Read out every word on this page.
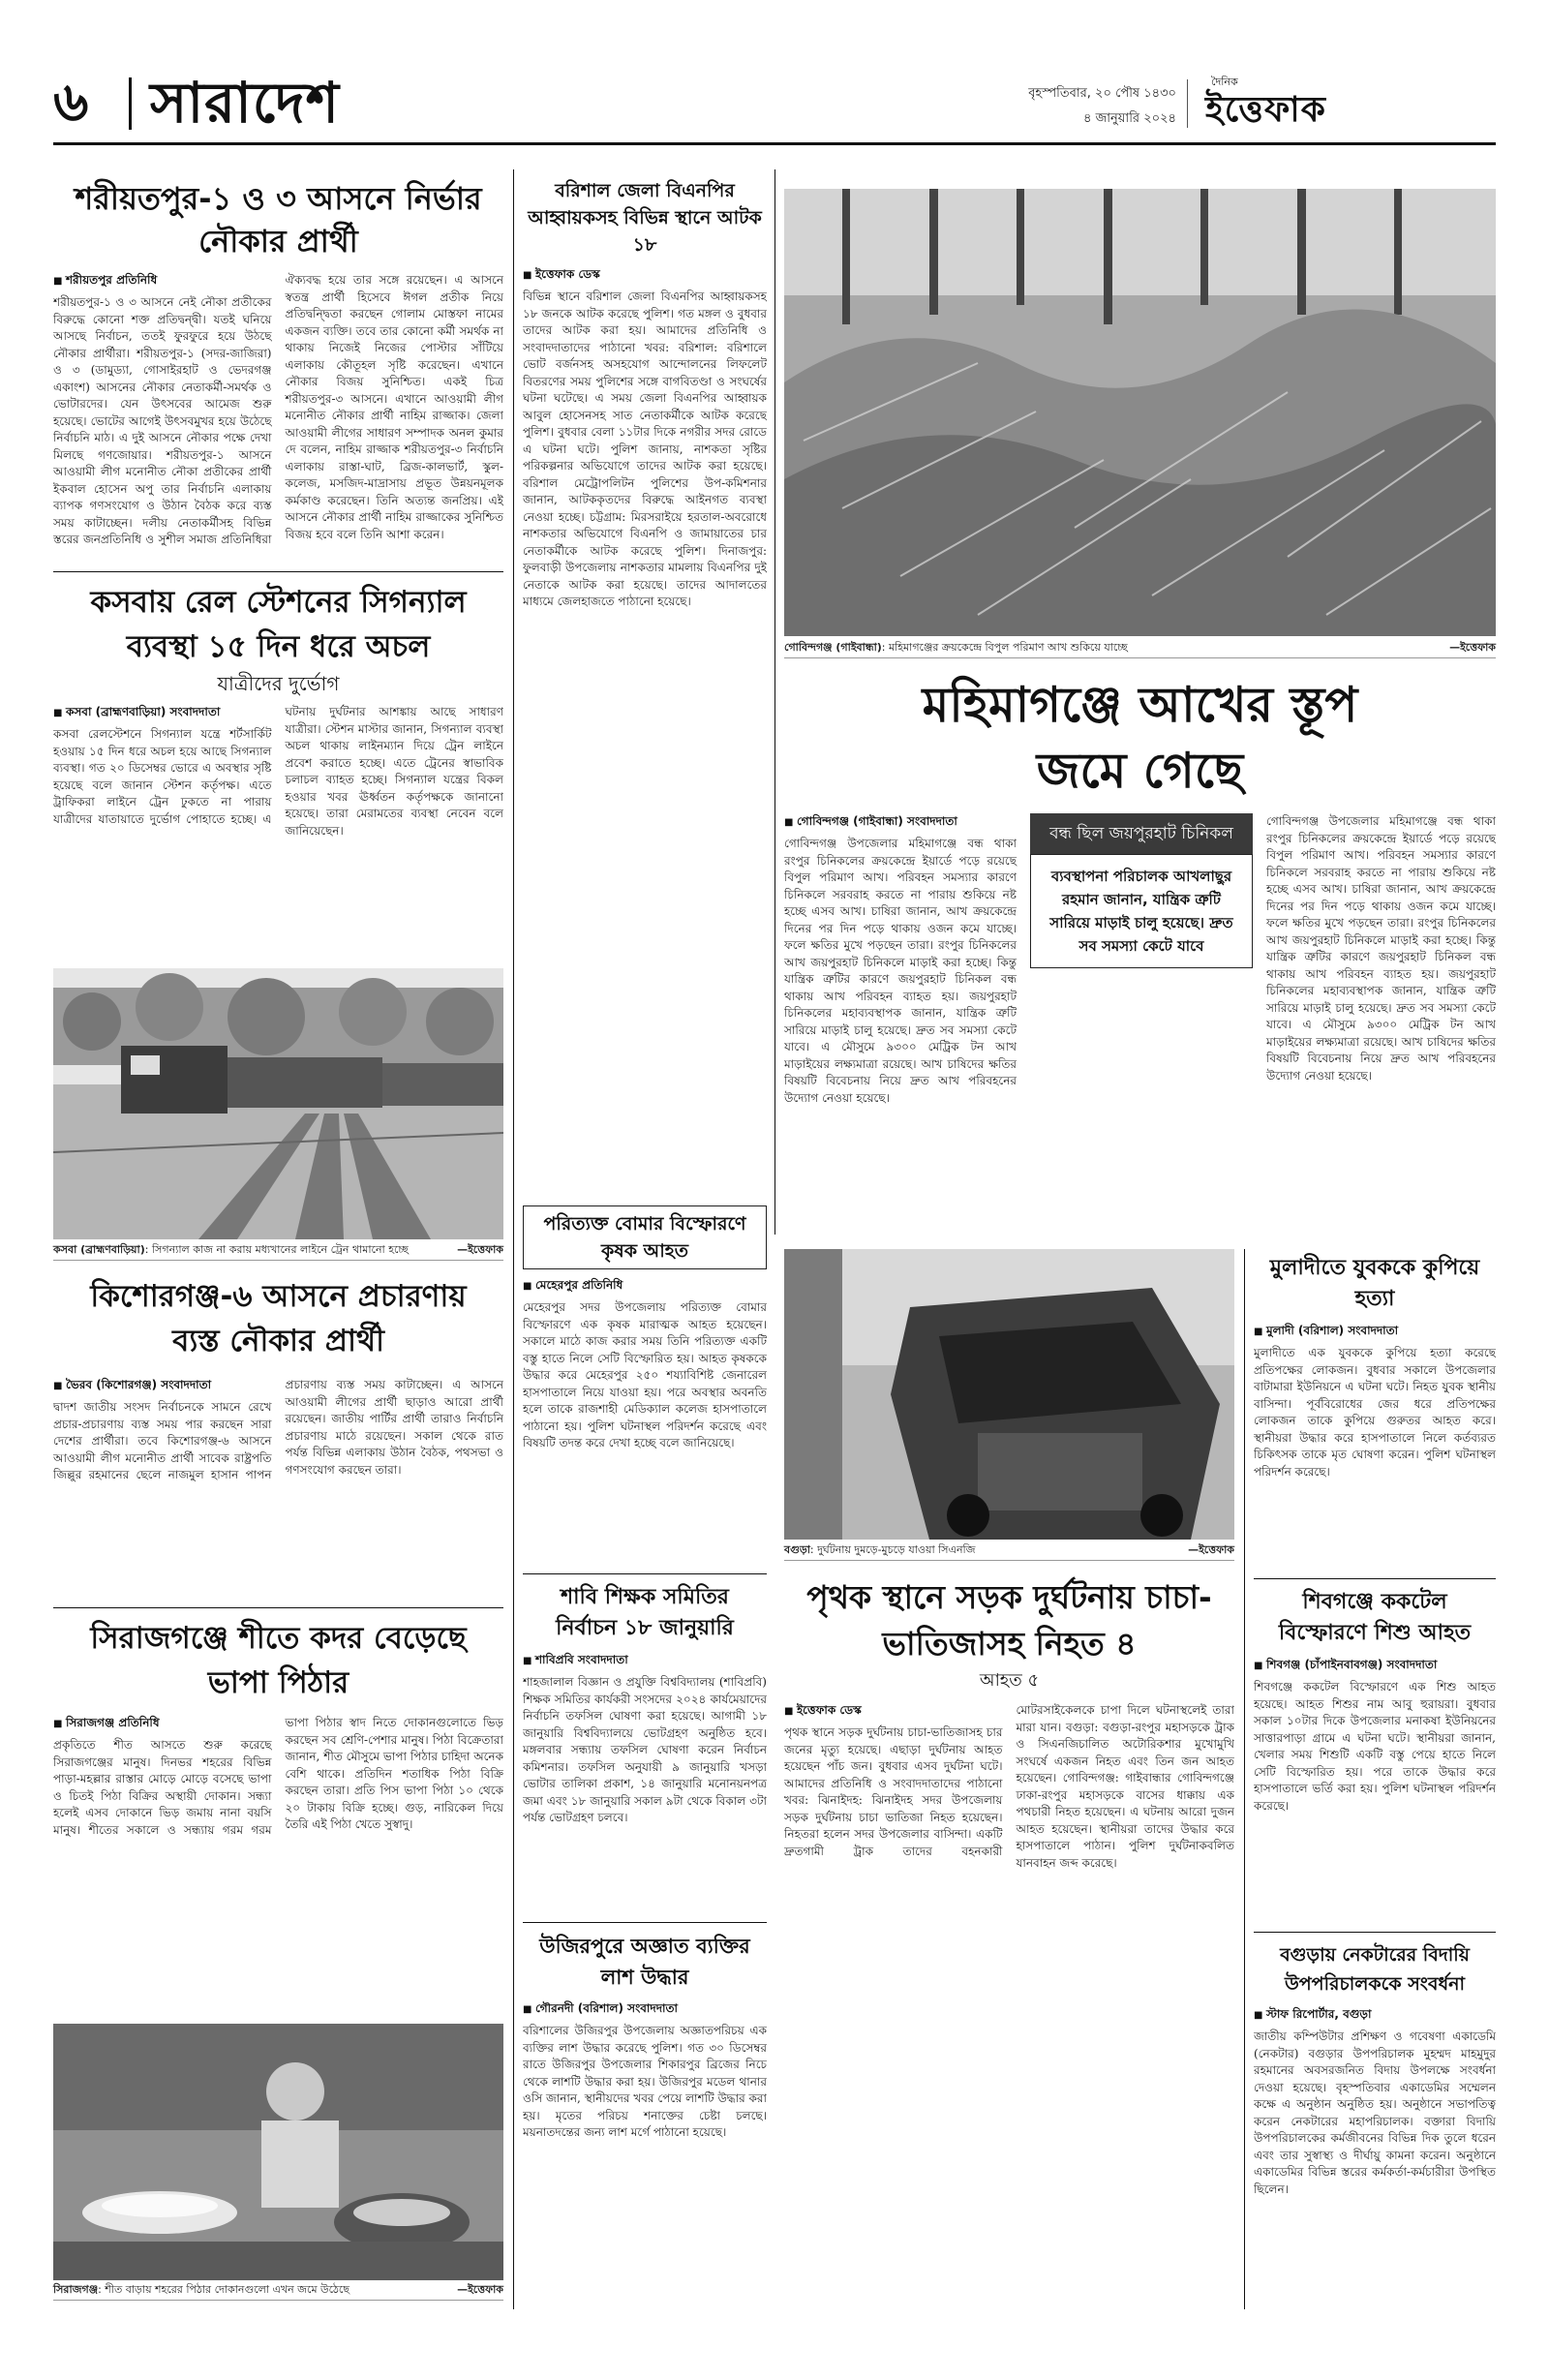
৬ সারাদেশ	বৃহস্পতিবার, ২০ পৌষ ১৪৩০
৪ জানুয়ারি ২০২৪
দৈনিক
ইত্তেফাক
শরীয়তপুর-১ ও ৩ আসনে নির্ভার নৌকার প্রার্থী
■ শরীয়তপুর প্রতিনিধি
শরীয়তপুর-১ ও ৩ আসনে নেই নৌকা প্রতীকের বিরুদ্ধে কোনো শক্ত প্রতিদ্বন্দ্বী। যতই ঘনিয়ে আসছে নির্বাচন, ততই ফুরফুরে হয়ে উঠছে নৌকার প্রার্থীরা। শরীয়তপুর-১ (সদর-জাজিরা) ও ৩ (ডামুড্যা, গোসাইরহাট ও ভেদরগঞ্জ একাংশ) আসনের নৌকার নেতাকর্মী-সমর্থক ও ভোটারদের। যেন উৎসবের আমেজ শুরু হয়েছে। ভোটের আগেই উৎসবমুখর হয়ে উঠেছে নির্বাচনি মাঠ। এ দুই আসনে নৌকার পক্ষে দেখা মিলছে গণজোয়ার। শরীয়তপুর-১ আসনে আওয়ামী লীগ মনোনীত নৌকা প্রতীকের প্রার্থী ইকবাল হোসেন অপু তার নির্বাচনি এলাকায় ব্যাপক গণসংযোগ ও উঠান বৈঠক করে ব্যস্ত সময় কাটাচ্ছেন। দলীয় নেতাকর্মীসহ বিভিন্ন স্তরের জনপ্রতিনিধি ও সুশীল সমাজ প্রতিনিধিরা ঐক্যবদ্ধ হয়ে তার সঙ্গে রয়েছেন। এ আসনে স্বতন্ত্র প্রার্থী হিসেবে ঈগল প্রতীক নিয়ে প্রতিদ্বন্দ্বিতা করছেন গোলাম মোস্তফা নামের একজন ব্যক্তি। তবে তার কোনো কর্মী সমর্থক না থাকায় নিজেই নিজের পোস্টার সাঁটিয়ে এলাকায় কৌতূহল সৃষ্টি করেছেন। এখানে নৌকার বিজয় সুনিশ্চিত। একই চিত্র শরীয়তপুর-৩ আসনে। এখানে আওয়ামী লীগ মনোনীত নৌকার প্রার্থী নাহিম রাজ্জাক। জেলা আওয়ামী লীগের সাধারণ সম্পাদক অনল কুমার দে বলেন, নাহিম রাজ্জাক শরীয়তপুর-৩ নির্বাচনি এলাকায় রাস্তা-ঘাট, ব্রিজ-কালভার্ট, স্কুল-কলেজ, মসজিদ-মাদ্রাসায় প্রভূত উন্নয়নমূলক কর্মকাণ্ড করেছেন। তিনি অত্যন্ত জনপ্রিয়। এই আসনে নৌকার প্রার্থী নাহিম রাজ্জাকের সুনিশ্চিত বিজয় হবে বলে তিনি আশা করেন।
কসবায় রেল স্টেশনের সিগন্যাল ব্যবস্থা ১৫ দিন ধরে অচল
যাত্রীদের দুর্ভোগ
■ কসবা (ব্রাহ্মণবাড়িয়া) সংবাদদাতা
কসবা রেলস্টেশনে সিগন্যাল যন্ত্রে শর্টসার্কিট হওয়ায় ১৫ দিন ধরে অচল হয়ে আছে সিগন্যাল ব্যবস্থা। গত ২০ ডিসেম্বর ভোরে এ অবস্থার সৃষ্টি হয়েছে বলে জানান স্টেশন কর্তৃপক্ষ। এতে ট্রাফিকরা লাইনে ট্রেন ঢুকতে না পারায় যাত্রীদের যাতায়াতে দুর্ভোগ পোহাতে হচ্ছে। এ ঘটনায় দুর্ঘটনার আশঙ্কায় আছে সাধারণ যাত্রীরা। স্টেশন মাস্টার জানান, সিগন্যাল ব্যবস্থা অচল থাকায় লাইনম্যান দিয়ে ট্রেন লাইনে প্রবেশ করাতে হচ্ছে। এতে ট্রেনের স্বাভাবিক চলাচল ব্যাহত হচ্ছে। সিগন্যাল যন্ত্রের বিকল হওয়ার খবর ঊর্ধ্বতন কর্তৃপক্ষকে জানানো হয়েছে। তারা মেরামতের ব্যবস্থা নেবেন বলে জানিয়েছেন।
কসবা (ব্রাহ্মণবাড়িয়া): সিগন্যাল কাজ না করায় মধ্যখানের লাইনে ট্রেন থামানো হচ্ছে	—ইত্তেফাক
কিশোরগঞ্জ-৬ আসনে প্রচারণায় ব্যস্ত নৌকার প্রার্থী
■ ভৈরব (কিশোরগঞ্জ) সংবাদদাতা
দ্বাদশ জাতীয় সংসদ নির্বাচনকে সামনে রেখে প্রচার-প্রচারণায় ব্যস্ত সময় পার করছেন সারা দেশের প্রার্থীরা। তবে কিশোরগঞ্জ-৬ আসনে আওয়ামী লীগ মনোনীত প্রার্থী সাবেক রাষ্ট্রপতি জিল্লুর রহমানের ছেলে নাজমুল হাসান পাপন প্রচারণায় ব্যস্ত সময় কাটাচ্ছেন। এ আসনে আওয়ামী লীগের প্রার্থী ছাড়াও আরো প্রার্থী রয়েছেন। জাতীয় পার্টির প্রার্থী তারাও নির্বাচনি প্রচারণায় মাঠে রয়েছেন। সকাল থেকে রাত পর্যন্ত বিভিন্ন এলাকায় উঠান বৈঠক, পথসভা ও গণসংযোগ করছেন তারা।
সিরাজগঞ্জে শীতে কদর বেড়েছে ভাপা পিঠার
■ সিরাজগঞ্জ প্রতিনিধি
প্রকৃতিতে শীত আসতে শুরু করেছে সিরাজগঞ্জের মানুষ। দিনভর শহরের বিভিন্ন পাড়া-মহল্লার রাস্তার মোড়ে মোড়ে বসেছে ভাপা ও চিতই পিঠা বিক্রির অস্থায়ী দোকান। সন্ধ্যা হলেই এসব দোকানে ভিড় জমায় নানা বয়সি মানুষ। শীতের সকালে ও সন্ধ্যায় গরম গরম ভাপা পিঠার স্বাদ নিতে দোকানগুলোতে ভিড় করছেন সব শ্রেণি-পেশার মানুষ। পিঠা বিক্রেতারা জানান, শীত মৌসুমে ভাপা পিঠার চাহিদা অনেক বেশি থাকে। প্রতিদিন শতাধিক পিঠা বিক্রি করছেন তারা। প্রতি পিস ভাপা পিঠা ১০ থেকে ২০ টাকায় বিক্রি হচ্ছে। গুড়, নারিকেল দিয়ে তৈরি এই পিঠা খেতে সুস্বাদু।
সিরাজগঞ্জ: শীত বাড়ায় শহরের পিঠার দোকানগুলো এখন জমে উঠেছে	—ইত্তেফাক
বরিশাল জেলা বিএনপির আহ্বায়কসহ বিভিন্ন স্থানে আটক ১৮
■ ইত্তেফাক ডেস্ক
বিভিন্ন স্থানে বরিশাল জেলা বিএনপির আহ্বায়কসহ ১৮ জনকে আটক করেছে পুলিশ। গত মঙ্গল ও বুধবার তাদের আটক করা হয়। আমাদের প্রতিনিধি ও সংবাদদাতাদের পাঠানো খবর: বরিশাল: বরিশালে ভোট বর্জনসহ অসহযোগ আন্দোলনের লিফলেট বিতরণের সময় পুলিশের সঙ্গে বাগবিতণ্ডা ও সংঘর্ষের ঘটনা ঘটেছে। এ সময় জেলা বিএনপির আহ্বায়ক আবুল হোসেনসহ সাত নেতাকর্মীকে আটক করেছে পুলিশ। বুধবার বেলা ১১টার দিকে নগরীর সদর রোডে এ ঘটনা ঘটে। পুলিশ জানায়, নাশকতা সৃষ্টির পরিকল্পনার অভিযোগে তাদের আটক করা হয়েছে। বরিশাল মেট্রোপলিটন পুলিশের উপ-কমিশনার জানান, আটককৃতদের বিরুদ্ধে আইনগত ব্যবস্থা নেওয়া হচ্ছে। চট্টগ্রাম: মিরসরাইয়ে হরতাল-অবরোধে নাশকতার অভিযোগে বিএনপি ও জামায়াতের চার নেতাকর্মীকে আটক করেছে পুলিশ। দিনাজপুর: ফুলবাড়ী উপজেলায় নাশকতার মামলায় বিএনপির দুই নেতাকে আটক করা হয়েছে। তাদের আদালতের মাধ্যমে জেলহাজতে পাঠানো হয়েছে।
পরিত্যক্ত বোমার বিস্ফোরণে কৃষক আহত
■ মেহেরপুর প্রতিনিধি
মেহেরপুর সদর উপজেলায় পরিত্যক্ত বোমার বিস্ফোরণে এক কৃষক মারাত্মক আহত হয়েছেন। সকালে মাঠে কাজ করার সময় তিনি পরিত্যক্ত একটি বস্তু হাতে নিলে সেটি বিস্ফোরিত হয়। আহত কৃষককে উদ্ধার করে মেহেরপুর ২৫০ শয্যাবিশিষ্ট জেনারেল হাসপাতালে নিয়ে যাওয়া হয়। পরে অবস্থার অবনতি হলে তাকে রাজশাহী মেডিক্যাল কলেজ হাসপাতালে পাঠানো হয়। পুলিশ ঘটনাস্থল পরিদর্শন করেছে এবং বিষয়টি তদন্ত করে দেখা হচ্ছে বলে জানিয়েছে।
শাবি শিক্ষক সমিতির নির্বাচন ১৮ জানুয়ারি
■ শাবিপ্রবি সংবাদদাতা
শাহজালাল বিজ্ঞান ও প্রযুক্তি বিশ্ববিদ্যালয় (শাবিপ্রবি) শিক্ষক সমিতির কার্যকরী সংসদের ২০২৪ কার্যমেয়াদের নির্বাচনি তফসিল ঘোষণা করা হয়েছে। আগামী ১৮ জানুয়ারি বিশ্ববিদ্যালয়ে ভোটগ্রহণ অনুষ্ঠিত হবে। মঙ্গলবার সন্ধ্যায় তফসিল ঘোষণা করেন নির্বাচন কমিশনার। তফসিল অনুযায়ী ৯ জানুয়ারি খসড়া ভোটার তালিকা প্রকাশ, ১৪ জানুয়ারি মনোনয়নপত্র জমা এবং ১৮ জানুয়ারি সকাল ৯টা থেকে বিকাল ৩টা পর্যন্ত ভোটগ্রহণ চলবে।
উজিরপুরে অজ্ঞাত ব্যক্তির লাশ উদ্ধার
■ গৌরনদী (বরিশাল) সংবাদদাতা
বরিশালের উজিরপুর উপজেলায় অজ্ঞাতপরিচয় এক ব্যক্তির লাশ উদ্ধার করেছে পুলিশ। গত ৩০ ডিসেম্বর রাতে উজিরপুর উপজেলার শিকারপুর ব্রিজের নিচে থেকে লাশটি উদ্ধার করা হয়। উজিরপুর মডেল থানার ওসি জানান, স্থানীয়দের খবর পেয়ে লাশটি উদ্ধার করা হয়। মৃতের পরিচয় শনাক্তের চেষ্টা চলছে। ময়নাতদন্তের জন্য লাশ মর্গে পাঠানো হয়েছে।
গোবিন্দগঞ্জ (গাইবান্ধা): মহিমাগঞ্জের ক্রয়কেন্দ্রে বিপুল পরিমাণ আখ শুকিয়ে যাচ্ছে	—ইত্তেফাক
মহিমাগঞ্জে আখের স্তূপ জমে গেছে
■ গোবিন্দগঞ্জ (গাইবান্ধা) সংবাদদাতা
গোবিন্দগঞ্জ উপজেলার মহিমাগঞ্জে বন্ধ থাকা রংপুর চিনিকলের ক্রয়কেন্দ্রে ইয়ার্ডে পড়ে রয়েছে বিপুল পরিমাণ আখ। পরিবহন সমস্যার কারণে চিনিকলে সরবরাহ করতে না পারায় শুকিয়ে নষ্ট হচ্ছে এসব আখ। চাষিরা জানান, আখ ক্রয়কেন্দ্রে দিনের পর দিন পড়ে থাকায় ওজন কমে যাচ্ছে। ফলে ক্ষতির মুখে পড়ছেন তারা। রংপুর চিনিকলের আখ জয়পুরহাট চিনিকলে মাড়াই করা হচ্ছে। কিন্তু যান্ত্রিক ত্রুটির কারণে জয়পুরহাট চিনিকল বন্ধ থাকায় আখ পরিবহন ব্যাহত হয়। জয়পুরহাট চিনিকলের মহাব্যবস্থাপক জানান, যান্ত্রিক ত্রুটি সারিয়ে মাড়াই চালু হয়েছে। দ্রুত সব সমস্যা কেটে যাবে। এ মৌসুমে ৯৩০০ মেট্রিক টন আখ মাড়াইয়ের লক্ষ্যমাত্রা রয়েছে। আখ চাষিদের ক্ষতির বিষয়টি বিবেচনায় নিয়ে দ্রুত আখ পরিবহনের উদ্যোগ নেওয়া হয়েছে।
বন্ধ ছিল জয়পুরহাট চিনিকল
ব্যবস্থাপনা পরিচালক আখলাছুর রহমান জানান, যান্ত্রিক ত্রুটি সারিয়ে মাড়াই চালু হয়েছে। দ্রুত সব সমস্যা কেটে যাবে
গোবিন্দগঞ্জ উপজেলার মহিমাগঞ্জে বন্ধ থাকা রংপুর চিনিকলের ক্রয়কেন্দ্রে ইয়ার্ডে পড়ে রয়েছে বিপুল পরিমাণ আখ। পরিবহন সমস্যার কারণে চিনিকলে সরবরাহ করতে না পারায় শুকিয়ে নষ্ট হচ্ছে এসব আখ। চাষিরা জানান, আখ ক্রয়কেন্দ্রে দিনের পর দিন পড়ে থাকায় ওজন কমে যাচ্ছে। ফলে ক্ষতির মুখে পড়ছেন তারা। রংপুর চিনিকলের আখ জয়পুরহাট চিনিকলে মাড়াই করা হচ্ছে। কিন্তু যান্ত্রিক ত্রুটির কারণে জয়পুরহাট চিনিকল বন্ধ থাকায় আখ পরিবহন ব্যাহত হয়। জয়পুরহাট চিনিকলের মহাব্যবস্থাপক জানান, যান্ত্রিক ত্রুটি সারিয়ে মাড়াই চালু হয়েছে। দ্রুত সব সমস্যা কেটে যাবে। এ মৌসুমে ৯৩০০ মেট্রিক টন আখ মাড়াইয়ের লক্ষ্যমাত্রা রয়েছে। আখ চাষিদের ক্ষতির বিষয়টি বিবেচনায় নিয়ে দ্রুত আখ পরিবহনের উদ্যোগ নেওয়া হয়েছে।
বগুড়া: দুর্ঘটনায় দুমড়ে-মুচড়ে যাওয়া সিএনজি	—ইত্তেফাক
পৃথক স্থানে সড়ক দুর্ঘটনায় চাচা-ভাতিজাসহ নিহত ৪
আহত ৫
■ ইত্তেফাক ডেস্ক
পৃথক স্থানে সড়ক দুর্ঘটনায় চাচা-ভাতিজাসহ চার জনের মৃত্যু হয়েছে। এছাড়া দুর্ঘটনায় আহত হয়েছেন পাঁচ জন। বুধবার এসব দুর্ঘটনা ঘটে। আমাদের প্রতিনিধি ও সংবাদদাতাদের পাঠানো খবর: ঝিনাইদহ: ঝিনাইদহ সদর উপজেলায় সড়ক দুর্ঘটনায় চাচা ভাতিজা নিহত হয়েছেন। নিহতরা হলেন সদর উপজেলার বাসিন্দা। একটি দ্রুতগামী ট্রাক তাদের বহনকারী মোটরসাইকেলকে চাপা দিলে ঘটনাস্থলেই তারা মারা যান। বগুড়া: বগুড়া-রংপুর মহাসড়কে ট্রাক ও সিএনজিচালিত অটোরিকশার মুখোমুখি সংঘর্ষে একজন নিহত এবং তিন জন আহত হয়েছেন। গোবিন্দগঞ্জ: গাইবান্ধার গোবিন্দগঞ্জে ঢাকা-রংপুর মহাসড়কে বাসের ধাক্কায় এক পথচারী নিহত হয়েছেন। এ ঘটনায় আরো দুজন আহত হয়েছেন। স্থানীয়রা তাদের উদ্ধার করে হাসপাতালে পাঠান। পুলিশ দুর্ঘটনাকবলিত যানবাহন জব্দ করেছে।
মুলাদীতে যুবককে কুপিয়ে হত্যা
■ মুলাদী (বরিশাল) সংবাদদাতা
মুলাদীতে এক যুবককে কুপিয়ে হত্যা করেছে প্রতিপক্ষের লোকজন। বুধবার সকালে উপজেলার বাটামারা ইউনিয়নে এ ঘটনা ঘটে। নিহত যুবক স্থানীয় বাসিন্দা। পূর্ববিরোধের জের ধরে প্রতিপক্ষের লোকজন তাকে কুপিয়ে গুরুতর আহত করে। স্থানীয়রা উদ্ধার করে হাসপাতালে নিলে কর্তব্যরত চিকিৎসক তাকে মৃত ঘোষণা করেন। পুলিশ ঘটনাস্থল পরিদর্শন করেছে।
শিবগঞ্জে ককটেল বিস্ফোরণে শিশু আহত
■ শিবগঞ্জ (চাঁপাইনবাবগঞ্জ) সংবাদদাতা
শিবগঞ্জে ককটেল বিস্ফোরণে এক শিশু আহত হয়েছে। আহত শিশুর নাম আবু হুরায়রা। বুধবার সকাল ১০টার দিকে উপজেলার মনাকষা ইউনিয়নের সাত্তারপাড়া গ্রামে এ ঘটনা ঘটে। স্থানীয়রা জানান, খেলার সময় শিশুটি একটি বস্তু পেয়ে হাতে নিলে সেটি বিস্ফোরিত হয়। পরে তাকে উদ্ধার করে হাসপাতালে ভর্তি করা হয়। পুলিশ ঘটনাস্থল পরিদর্শন করেছে।
বগুড়ায় নেকটারের বিদায়ি উপপরিচালককে সংবর্ধনা
■ স্টাফ রিপোর্টার, বগুড়া
জাতীয় কম্পিউটার প্রশিক্ষণ ও গবেষণা একাডেমি (নেকটার) বগুড়ার উপপরিচালক মুহম্মদ মাহমুদুর রহমানের অবসরজনিত বিদায় উপলক্ষে সংবর্ধনা দেওয়া হয়েছে। বৃহস্পতিবার একাডেমির সম্মেলন কক্ষে এ অনুষ্ঠান অনুষ্ঠিত হয়। অনুষ্ঠানে সভাপতিত্ব করেন নেকটারের মহাপরিচালক। বক্তারা বিদায়ি উপপরিচালকের কর্মজীবনের বিভিন্ন দিক তুলে ধরেন এবং তার সুস্বাস্থ্য ও দীর্ঘায়ু কামনা করেন। অনুষ্ঠানে একাডেমির বিভিন্ন স্তরের কর্মকর্তা-কর্মচারীরা উপস্থিত ছিলেন।
